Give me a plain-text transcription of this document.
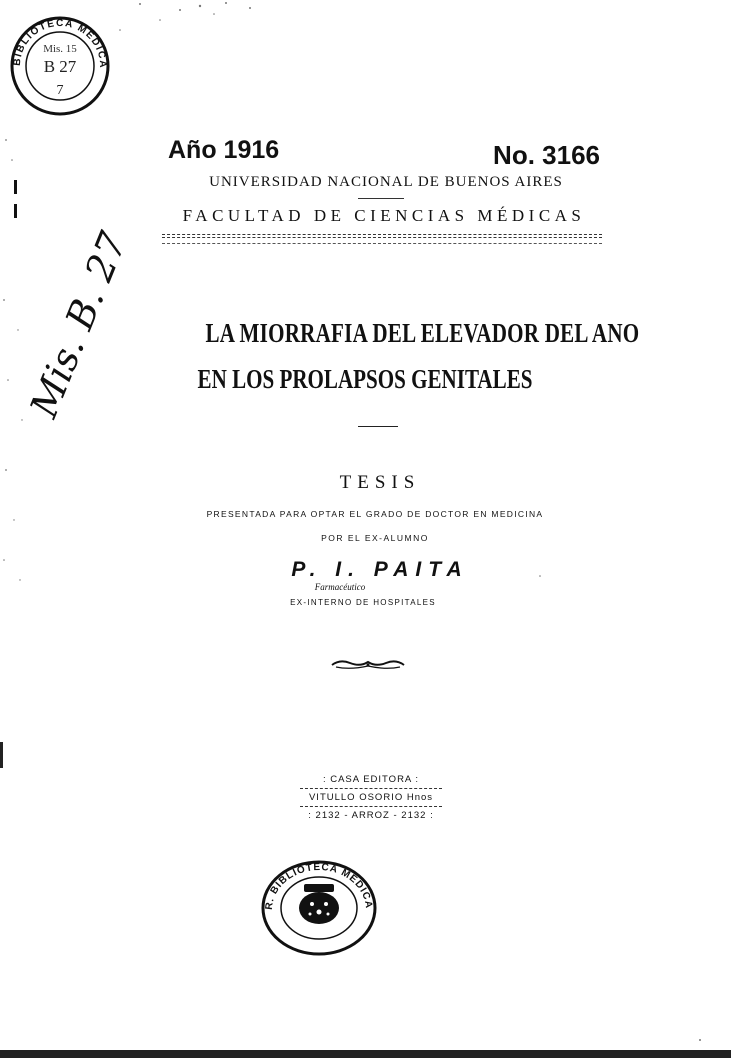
BIBLIOTECA MEDICA
Mis. 15
B 27
7
Mis. B. 27
Año 1916	No. 3166
UNIVERSIDAD NACIONAL DE BUENOS AIRES
FACULTAD DE CIENCIAS MÉDICAS
LA MIORRAFIA DEL ELEVADOR DEL ANO
EN LOS PROLAPSOS GENITALES
TESIS
PRESENTADA PARA OPTAR EL GRADO DE DOCTOR EN MEDICINA
POR EL EX-ALUMNO
P. I. PAITA
Farmacéutico
EX-INTERNO DE HOSPITALES
: CASA EDITORA :
VITULLO OSORIO Hnos
: 2132 - ARROZ - 2132 :
R. BIBLIOTECA MEDICA
